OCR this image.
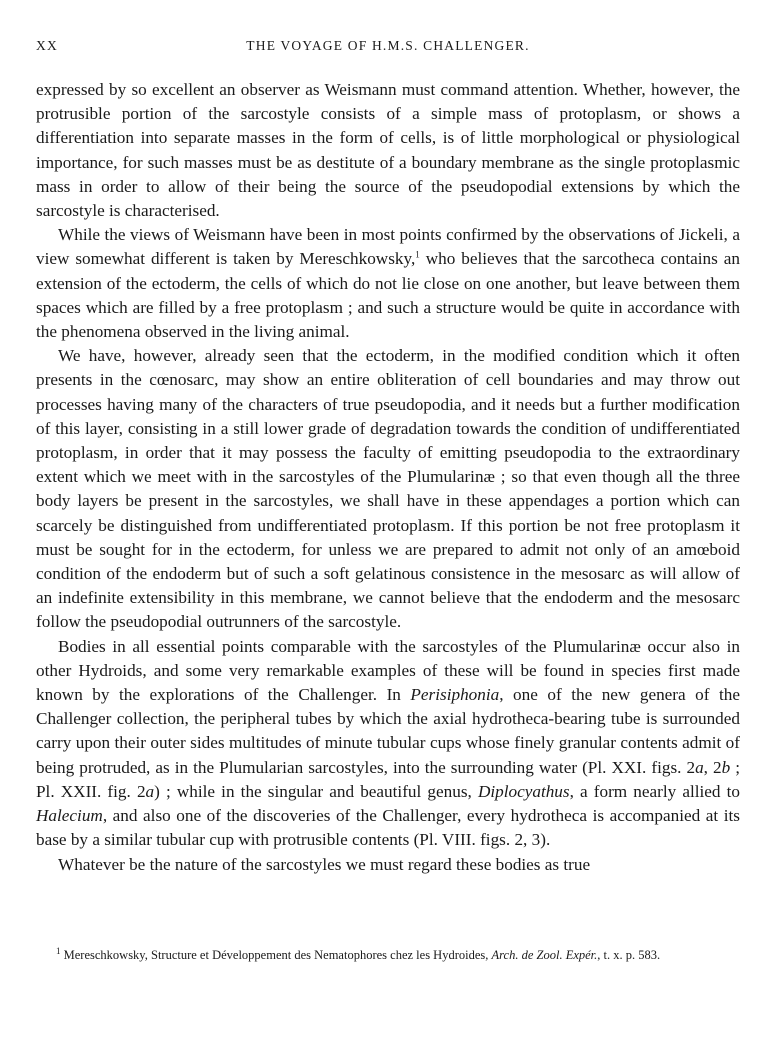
XX	THE VOYAGE OF H.M.S. CHALLENGER.

expressed by so excellent an observer as Weismann must command attention. Whether, however, the protrusible portion of the sarcostyle consists of a simple mass of protoplasm, or shows a differentiation into separate masses in the form of cells, is of little morphological or physiological importance, for such masses must be as destitute of a boundary membrane as the single protoplasmic mass in order to allow of their being the source of the pseudopodial extensions by which the sarcostyle is characterised.

While the views of Weismann have been in most points confirmed by the observations of Jickeli, a view somewhat different is taken by Mereschkowsky,$^1$ who believes that the sarcotheca contains an extension of the ectoderm, the cells of which do not lie close on one another, but leave between them spaces which are filled by a free protoplasm ; and such a structure would be quite in accordance with the phenomena observed in the living animal.

We have, however, already seen that the ectoderm, in the modified condition which it often presents in the cœnosarc, may show an entire obliteration of cell boundaries and may throw out processes having many of the characters of true pseudopodia, and it needs but a further modification of this layer, consisting in a still lower grade of degradation towards the condition of undifferentiated protoplasm, in order that it may possess the faculty of emitting pseudopodia to the extraordinary extent which we meet with in the sarcostyles of the Plumularinæ ; so that even though all the three body layers be present in the sarcostyles, we shall have in these appendages a portion which can scarcely be distinguished from undifferentiated protoplasm. If this portion be not free protoplasm it must be sought for in the ectoderm, for unless we are prepared to admit not only of an amœboid condition of the endoderm but of such a soft gelatinous consistence in the mesosarc as will allow of an indefinite extensibility in this membrane, we cannot believe that the endoderm and the mesosarc follow the pseudopodial outrunners of the sarcostyle.

Bodies in all essential points comparable with the sarcostyles of the Plumularinæ occur also in other Hydroids, and some very remarkable examples of these will be found in species first made known by the explorations of the Challenger. In Perisiphonia, one of the new genera of the Challenger collection, the peripheral tubes by which the axial hydrotheca-bearing tube is surrounded carry upon their outer sides multitudes of minute tubular cups whose finely granular contents admit of being protruded, as in the Plumularian sarcostyles, into the surrounding water (Pl. XXI. figs. 2a, 2b ; Pl. XXII. fig. 2a) ; while in the singular and beautiful genus, Diplocyathus, a form nearly allied to Halecium, and also one of the discoveries of the Challenger, every hydrotheca is accompanied at its base by a similar tubular cup with protrusible contents (Pl. VIII. figs. 2, 3).

Whatever be the nature of the sarcostyles we must regard these bodies as true

$^1$ Mereschkowsky, Structure et Développement des Nematophores chez les Hydroides, Arch. de Zool. Expér., t. x. p. 583.
